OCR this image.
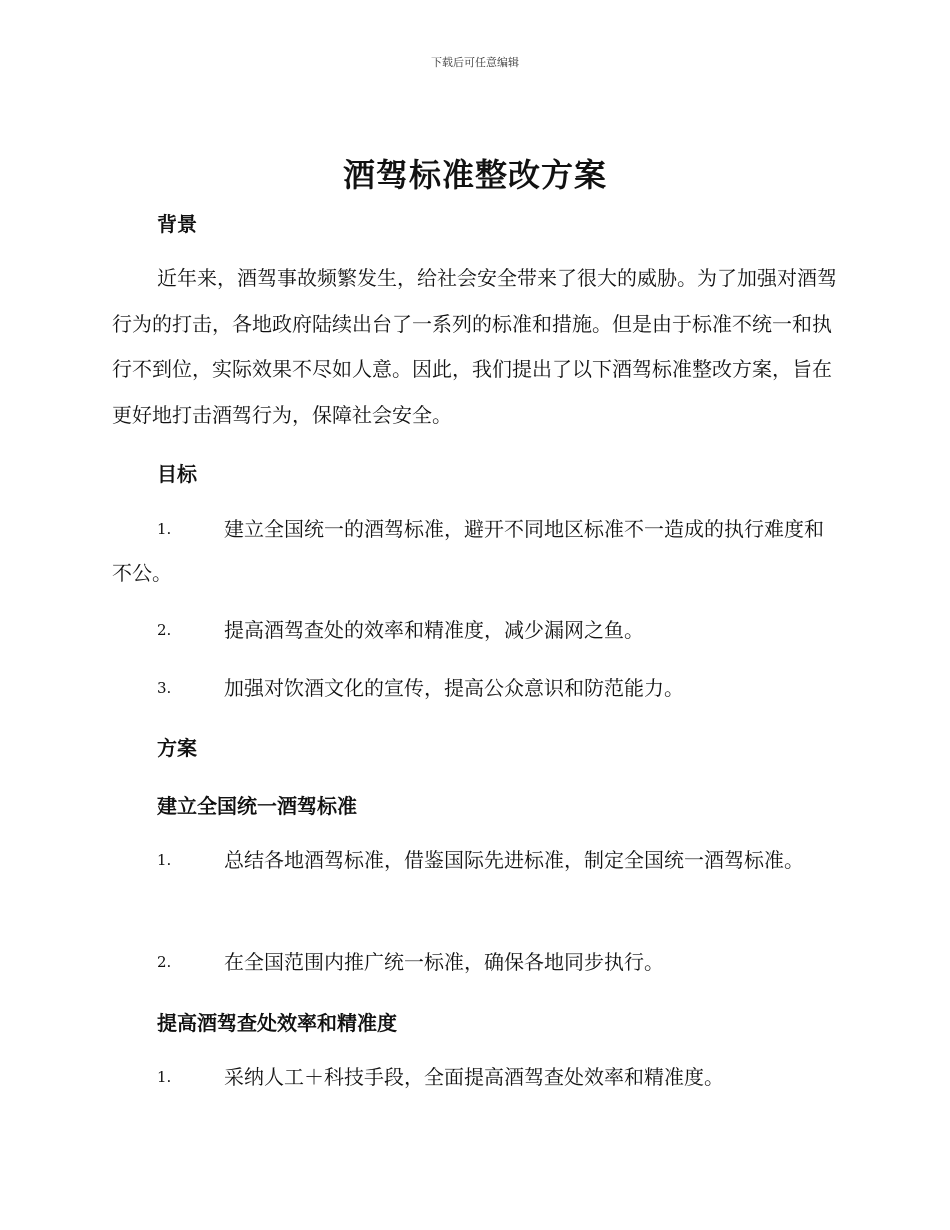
下载后可任意编辑
酒驾标准整改方案
背景

近年来，酒驾事故频繁发生，给社会安全带来了很大的威胁。为了加强对酒驾行为的打击，各地政府陆续出台了一系列的标准和措施。但是由于标准不统一和执行不到位，实际效果不尽如人意。因此，我们提出了以下酒驾标准整改方案，旨在更好地打击酒驾行为，保障社会安全。

目标
1.	建立全国统一的酒驾标准，避开不同地区标准不一造成的执行难度和不公。
2.	提高酒驾查处的效率和精准度，减少漏网之鱼。
3.	加强对饮酒文化的宣传，提高公众意识和防范能力。
方案
建立全国统一酒驾标准
1.	总结各地酒驾标准，借鉴国际先进标准，制定全国统一酒驾标准。
2.	在全国范围内推广统一标准，确保各地同步执行。
提高酒驾查处效率和精准度
1.	采纳人工＋科技手段，全面提高酒驾查处效率和精准度。
